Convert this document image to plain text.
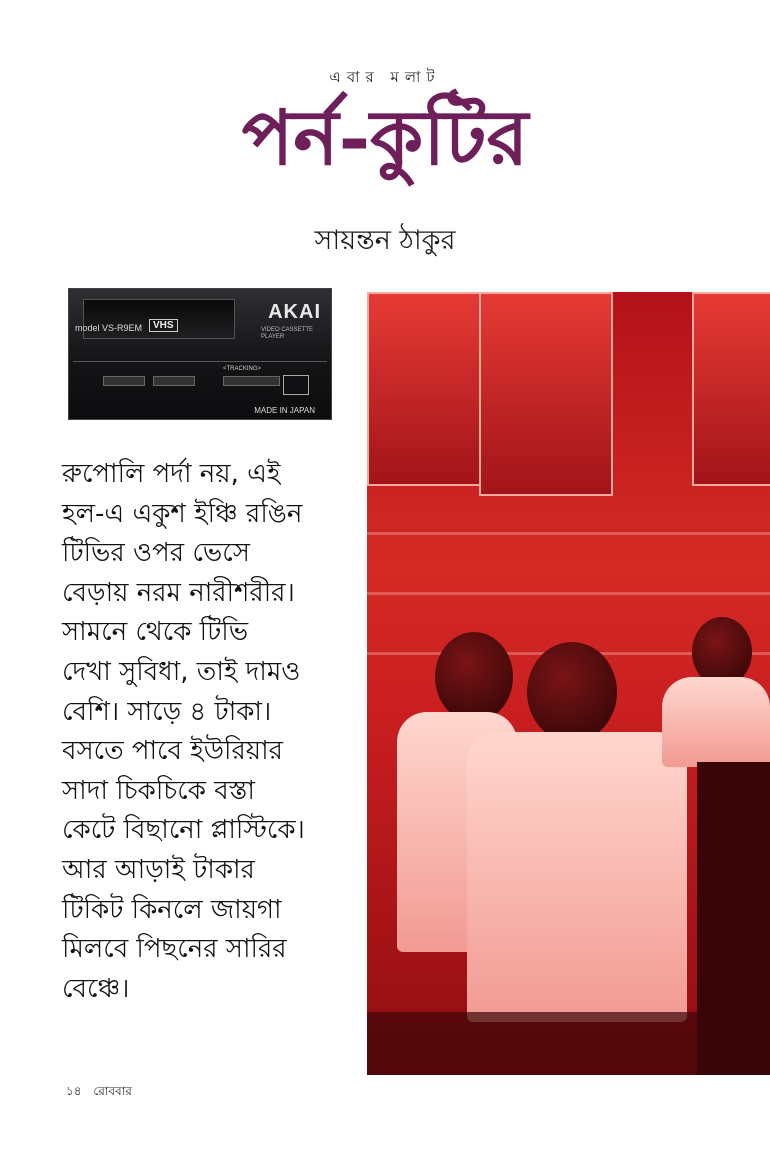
এবার মলাট
পর্ন-কুটির
সায়ন্তন ঠাকুর
model VS-R9EM	VHS
AKAI
VIDEO CASSETTE PLAYER
<TRACKING>
MADE IN JAPAN
রুপোলি পর্দা নয়, এই
হল-এ একুশ ইঞ্চি রঙিন
টিভির ওপর ভেসে
বেড়ায় নরম নারীশরীর।
সামনে থেকে টিভি
দেখা সুবিধা, তাই দামও
বেশি। সাড়ে ৪ টাকা।
বসতে পাবে ইউরিয়ার
সাদা চিকচিকে বস্তা
কেটে বিছানো প্লাস্টিকে।
আর আড়াই টাকার
টিকিট কিনলে জায়গা
মিলবে পিছনের সারির
বেঞ্চে।
১৪ রোববার
